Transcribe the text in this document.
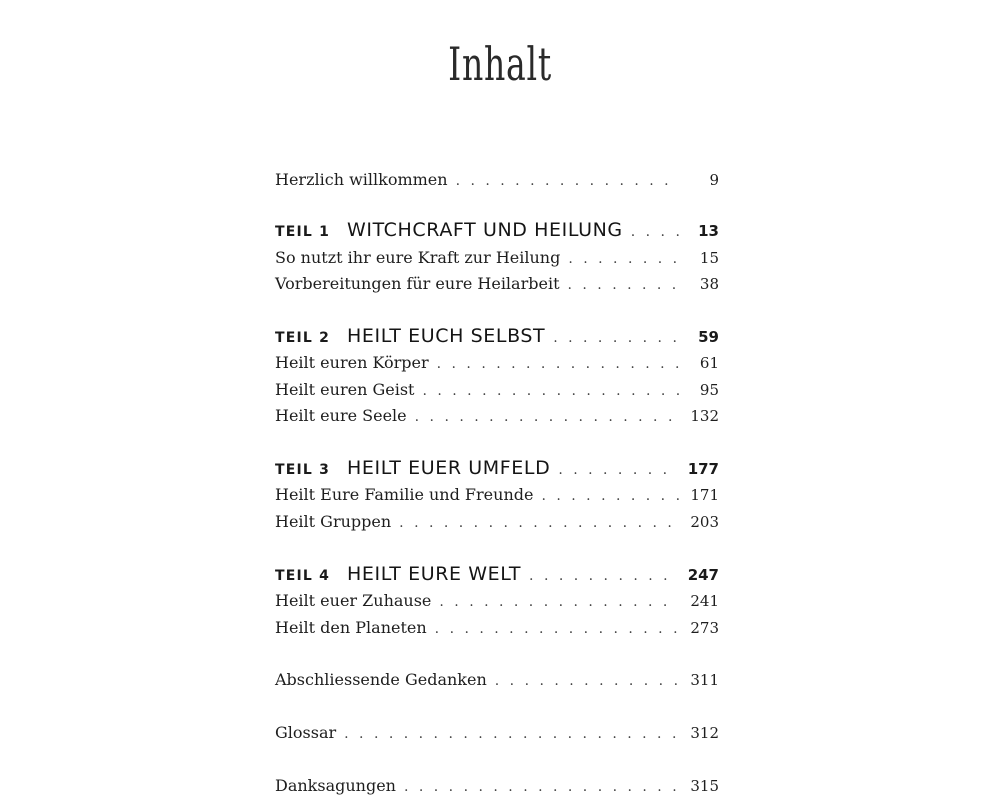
Inhalt
Herzlich willkommen . . .	9
TEIL 1 WITCHCRAFT UND HEILUNG . . .	13
So nutzt ihr eure Kraft zur Heilung . . .	15
Vorbereitungen für eure Heilarbeit . . .	38
TEIL 2 HEILT EUCH SELBST . . .	59
Heilt euren Körper . . .	61
Heilt euren Geist . . .	95
Heilt eure Seele . . .	132
TEIL 3 HEILT EUER UMFELD . . .	177
Heilt Eure Familie und Freunde . . .	171
Heilt Gruppen . . .	203
TEIL 4 HEILT EURE WELT . . .	247
Heilt euer Zuhause . . .	241
Heilt den Planeten . . .	273
Abschliessende Gedanken . . .	311
Glossar . . .	312
Danksagungen . . .	315
